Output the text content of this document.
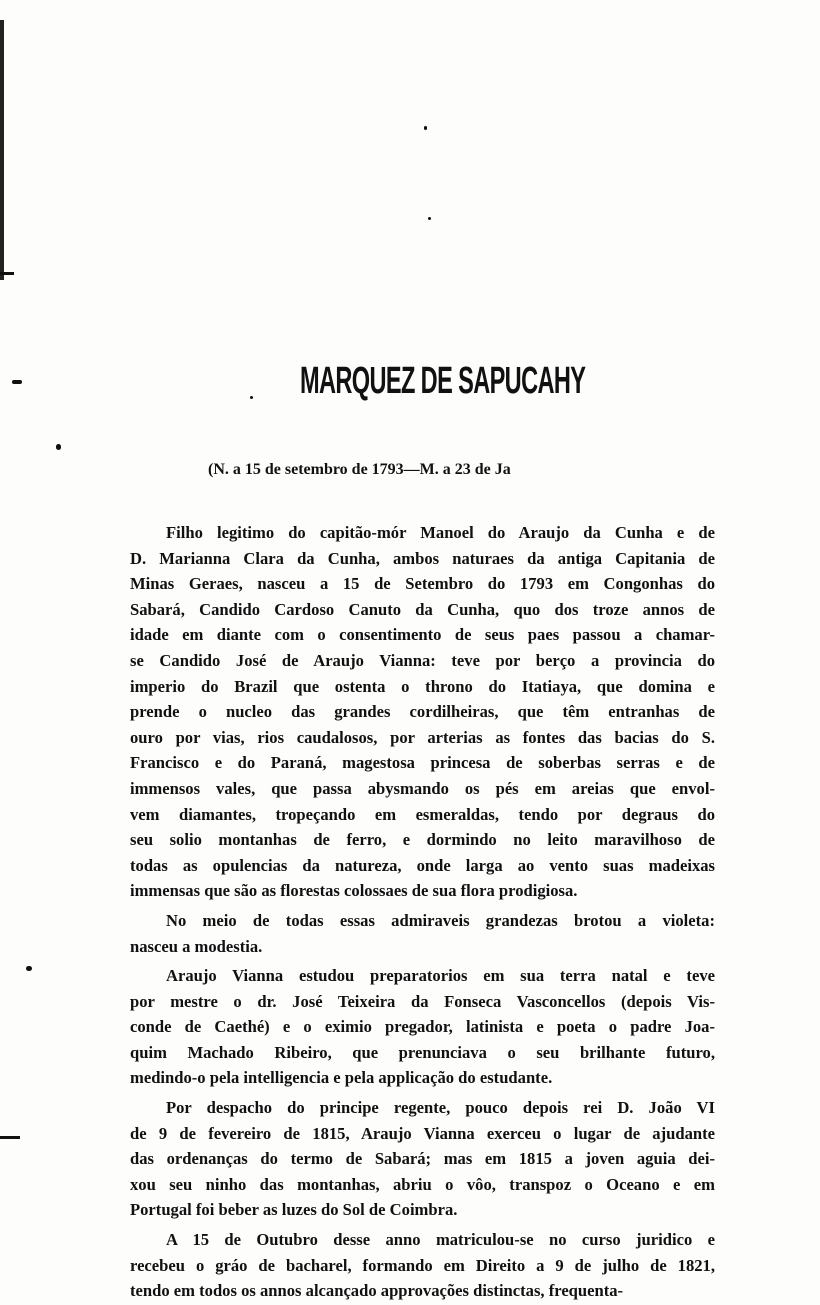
MARQUEZ DE SAPUCAHY
(N. a 15 de setembro de 1793—M. a 23 de Ja
Filho legitimo do capitão-mór Manoel do Araujo da Cunha e de
D. Marianna Clara da Cunha, ambos naturaes da antiga Capitania de
Minas Geraes, nasceu a 15 de Setembro do 1793 em Congonhas do
Sabará, Candido Cardoso Canuto da Cunha, quo dos troze annos de
idade em diante com o consentimento de seus paes passou a chamar-
se Candido José de Araujo Vianna: teve por berço a provincia do
imperio do Brazil que ostenta o throno do Itatiaya, que domina e
prende o nucleo das grandes cordilheiras, que têm entranhas de
ouro por vias, rios caudalosos, por arterias as fontes das bacias do S.
Francisco e do Paraná, magestosa princesa de soberbas serras e de
immensos vales, que passa abysmando os pés em areias que envol-
vem diamantes, tropeçando em esmeraldas, tendo por degraus do
seu solio montanhas de ferro, e dormindo no leito maravilhoso de
todas as opulencias da natureza, onde larga ao vento suas madeixas
immensas que são as florestas colossaes de sua flora prodigiosa.
No meio de todas essas admiraveis grandezas brotou a violeta:
nasceu a modestia.
Araujo Vianna estudou preparatorios em sua terra natal e teve
por mestre o dr. José Teixeira da Fonseca Vasconcellos (depois Vis-
conde de Caethé) e o eximio pregador, latinista e poeta o padre Joa-
quim Machado Ribeiro, que prenunciava o seu brilhante futuro,
medindo-o pela intelligencia e pela applicação do estudante.
Por despacho do principe regente, pouco depois rei D. João VI
de 9 de fevereiro de 1815, Araujo Vianna exerceu o lugar de ajudante
das ordenanças do termo de Sabará; mas em 1815 a joven aguia dei-
xou seu ninho das montanhas, abriu o vôo, transpoz o Oceano e em
Portugal foi beber as luzes do Sol de Coimbra.
A 15 de Outubro desse anno matriculou-se no curso juridico e
recebeu o gráo de bacharel, formando em Direito a 9 de julho de 1821,
tendo em todos os annos alcançado approvações distinctas, frequenta-
